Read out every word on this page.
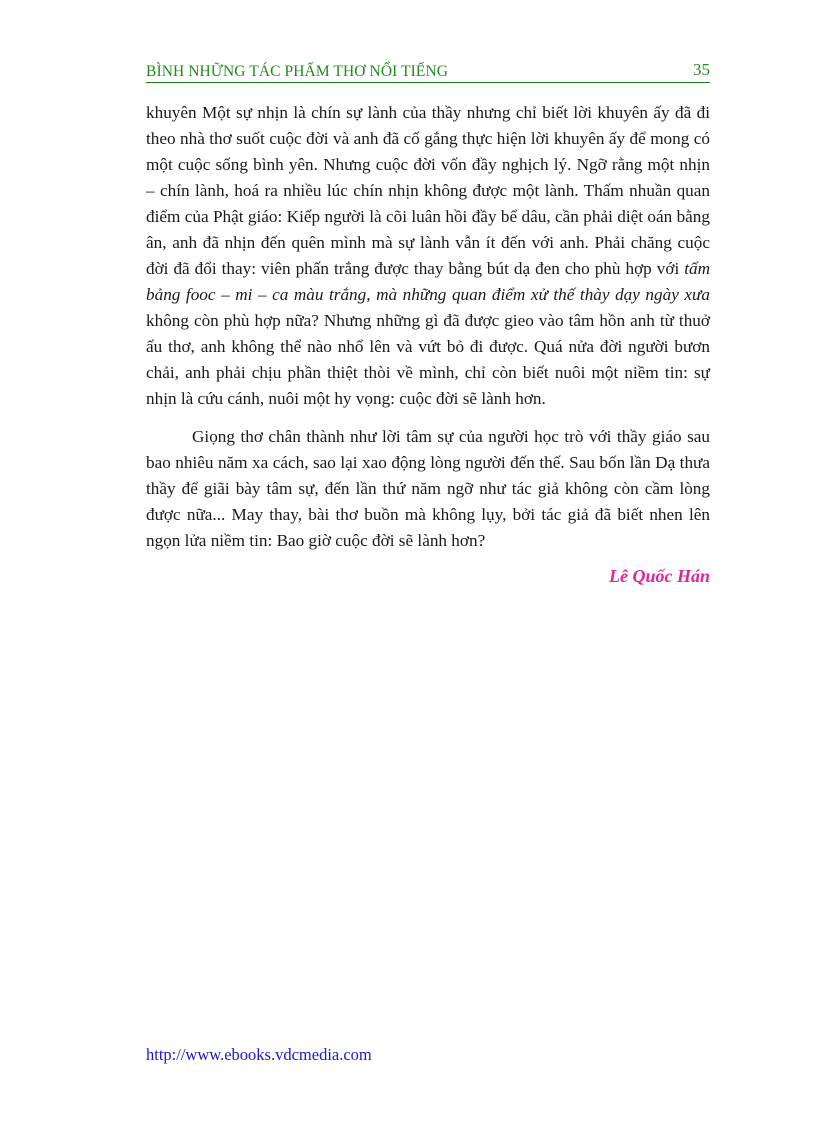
BÌNH NHỮNG TÁC PHẨM THƠ NỔI TIẾNG	35

khuyên Một sự nhịn là chín sự lành của thầy nhưng chỉ biết lời khuyên ấy đã đi theo nhà thơ suốt cuộc đời và anh đã cố gắng thực hiện lời khuyên ấy để mong có một cuộc sống bình yên. Nhưng cuộc đời vốn đầy nghịch lý. Ngỡ rằng một nhịn – chín lành, hoá ra nhiều lúc chín nhịn không được một lành. Thấm nhuần quan điểm của Phật giáo: Kiếp người là cõi luân hồi đầy bể dâu, cần phải diệt oán bằng ân, anh đã nhịn đến quên mình mà sự lành vẫn ít đến với anh. Phải chăng cuộc đời đã đổi thay: viên phấn trắng được thay bằng bút dạ đen cho phù hợp với tấm bảng fooc – mi – ca màu trắng, mà những quan điểm xử thế thày dạy ngày xưa không còn phù hợp nữa? Nhưng những gì đã được gieo vào tâm hồn anh từ thuở ấu thơ, anh không thể nào nhổ lên và vứt bỏ đi được. Quá nửa đời người bươn chải, anh phải chịu phần thiệt thòi về mình, chỉ còn biết nuôi một niềm tin: sự nhịn là cứu cánh, nuôi một hy vọng: cuộc đời sẽ lành hơn.

Giọng thơ chân thành như lời tâm sự của người học trò với thầy giáo sau bao nhiêu năm xa cách, sao lại xao động lòng người đến thế. Sau bốn lần Dạ thưa thầy để giãi bày tâm sự, đến lần thứ năm ngỡ như tác giả không còn cầm lòng được nữa... May thay, bài thơ buồn mà không lụy, bởi tác giả đã biết nhen lên ngọn lửa niềm tin: Bao giờ cuộc đời sẽ lành hơn?

Lê Quốc Hán
http://www.ebooks.vdcmedia.com
